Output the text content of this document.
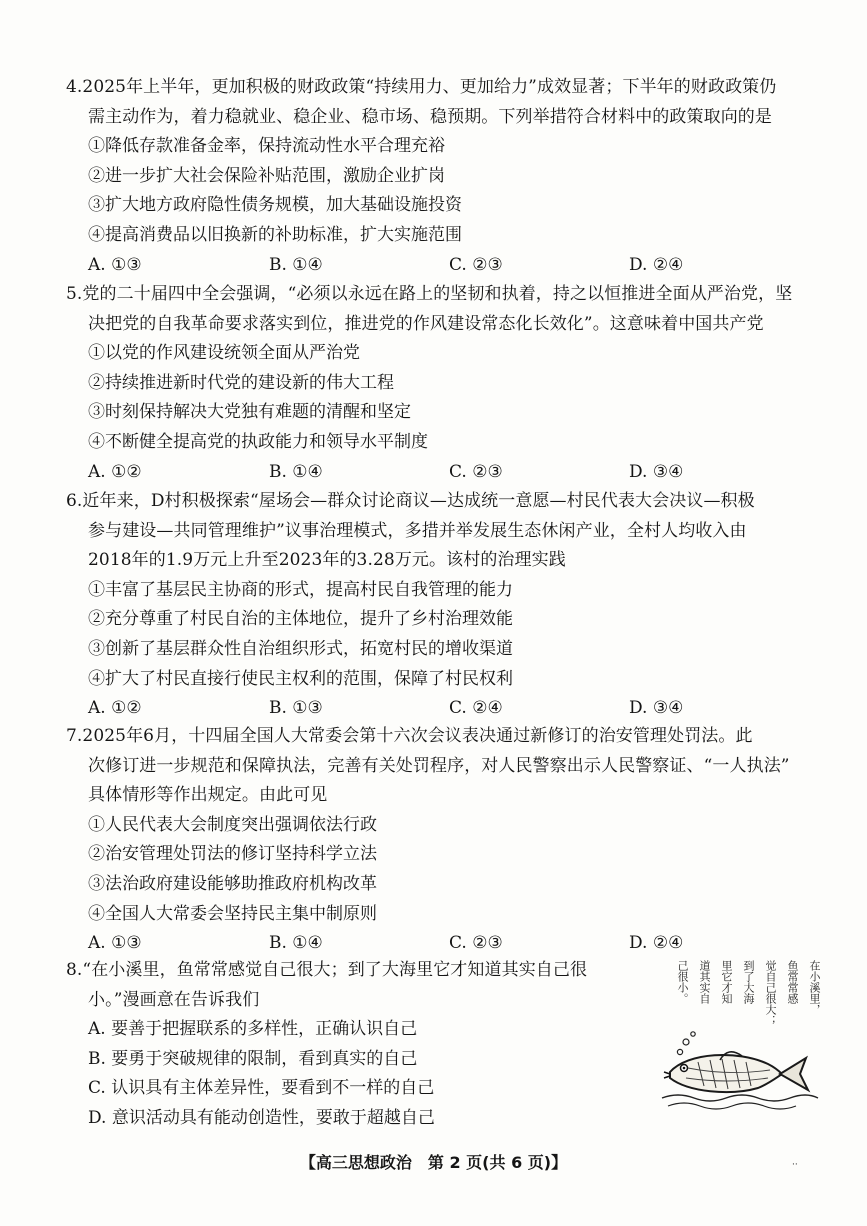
4.2025年上半年，更加积极的财政政策“持续用力、更加给力”成效显著；下半年的财政政策仍
需主动作为，着力稳就业、稳企业、稳市场、稳预期。下列举措符合材料中的政策取向的是
①降低存款准备金率，保持流动性水平合理充裕
②进一步扩大社会保险补贴范围，激励企业扩岗
③扩大地方政府隐性债务规模，加大基础设施投资
④提高消费品以旧换新的补助标准，扩大实施范围
A. ①③	B. ①④	C. ②③	D. ②④
5.党的二十届四中全会强调，“必须以永远在路上的坚韧和执着，持之以恒推进全面从严治党，坚
决把党的自我革命要求落实到位，推进党的作风建设常态化长效化”。这意味着中国共产党
①以党的作风建设统领全面从严治党
②持续推进新时代党的建设新的伟大工程
③时刻保持解决大党独有难题的清醒和坚定
④不断健全提高党的执政能力和领导水平制度
A. ①②	B. ①④	C. ②③	D. ③④
6.近年来，D村积极探索“屋场会—群众讨论商议—达成统一意愿—村民代表大会决议—积极
参与建设—共同管理维护”议事治理模式，多措并举发展生态休闲产业，全村人均收入由
2018年的1.9万元上升至2023年的3.28万元。该村的治理实践
①丰富了基层民主协商的形式，提高村民自我管理的能力
②充分尊重了村民自治的主体地位，提升了乡村治理效能
③创新了基层群众性自治组织形式，拓宽村民的增收渠道
④扩大了村民直接行使民主权利的范围，保障了村民权利
A. ①②	B. ①③	C. ②④	D. ③④
7.2025年6月，十四届全国人大常委会第十六次会议表决通过新修订的治安管理处罚法。此
次修订进一步规范和保障执法，完善有关处罚程序，对人民警察出示人民警察证、“一人执法”
具体情形等作出规定。由此可见
①人民代表大会制度突出强调依法行政
②治安管理处罚法的修订坚持科学立法
③法治政府建设能够助推政府机构改革
④全国人大常委会坚持民主集中制原则
A. ①③	B. ①④	C. ②③	D. ②④
8.“在小溪里，鱼常常感觉自己很大；到了大海里它才知道其实自己很
小。”漫画意在告诉我们
A. 要善于把握联系的多样性，正确认识自己
B. 要勇于突破规律的限制，看到真实的自己
C. 认识具有主体差异性，要看到不一样的自己
D. 意识活动具有能动创造性，要敢于超越自己
在小溪里，
鱼常常感
觉自己很大；
到了大海
里它才知
道其实自
己很小。
【高三思想政治　第 2 页(共 6 页)】	··
